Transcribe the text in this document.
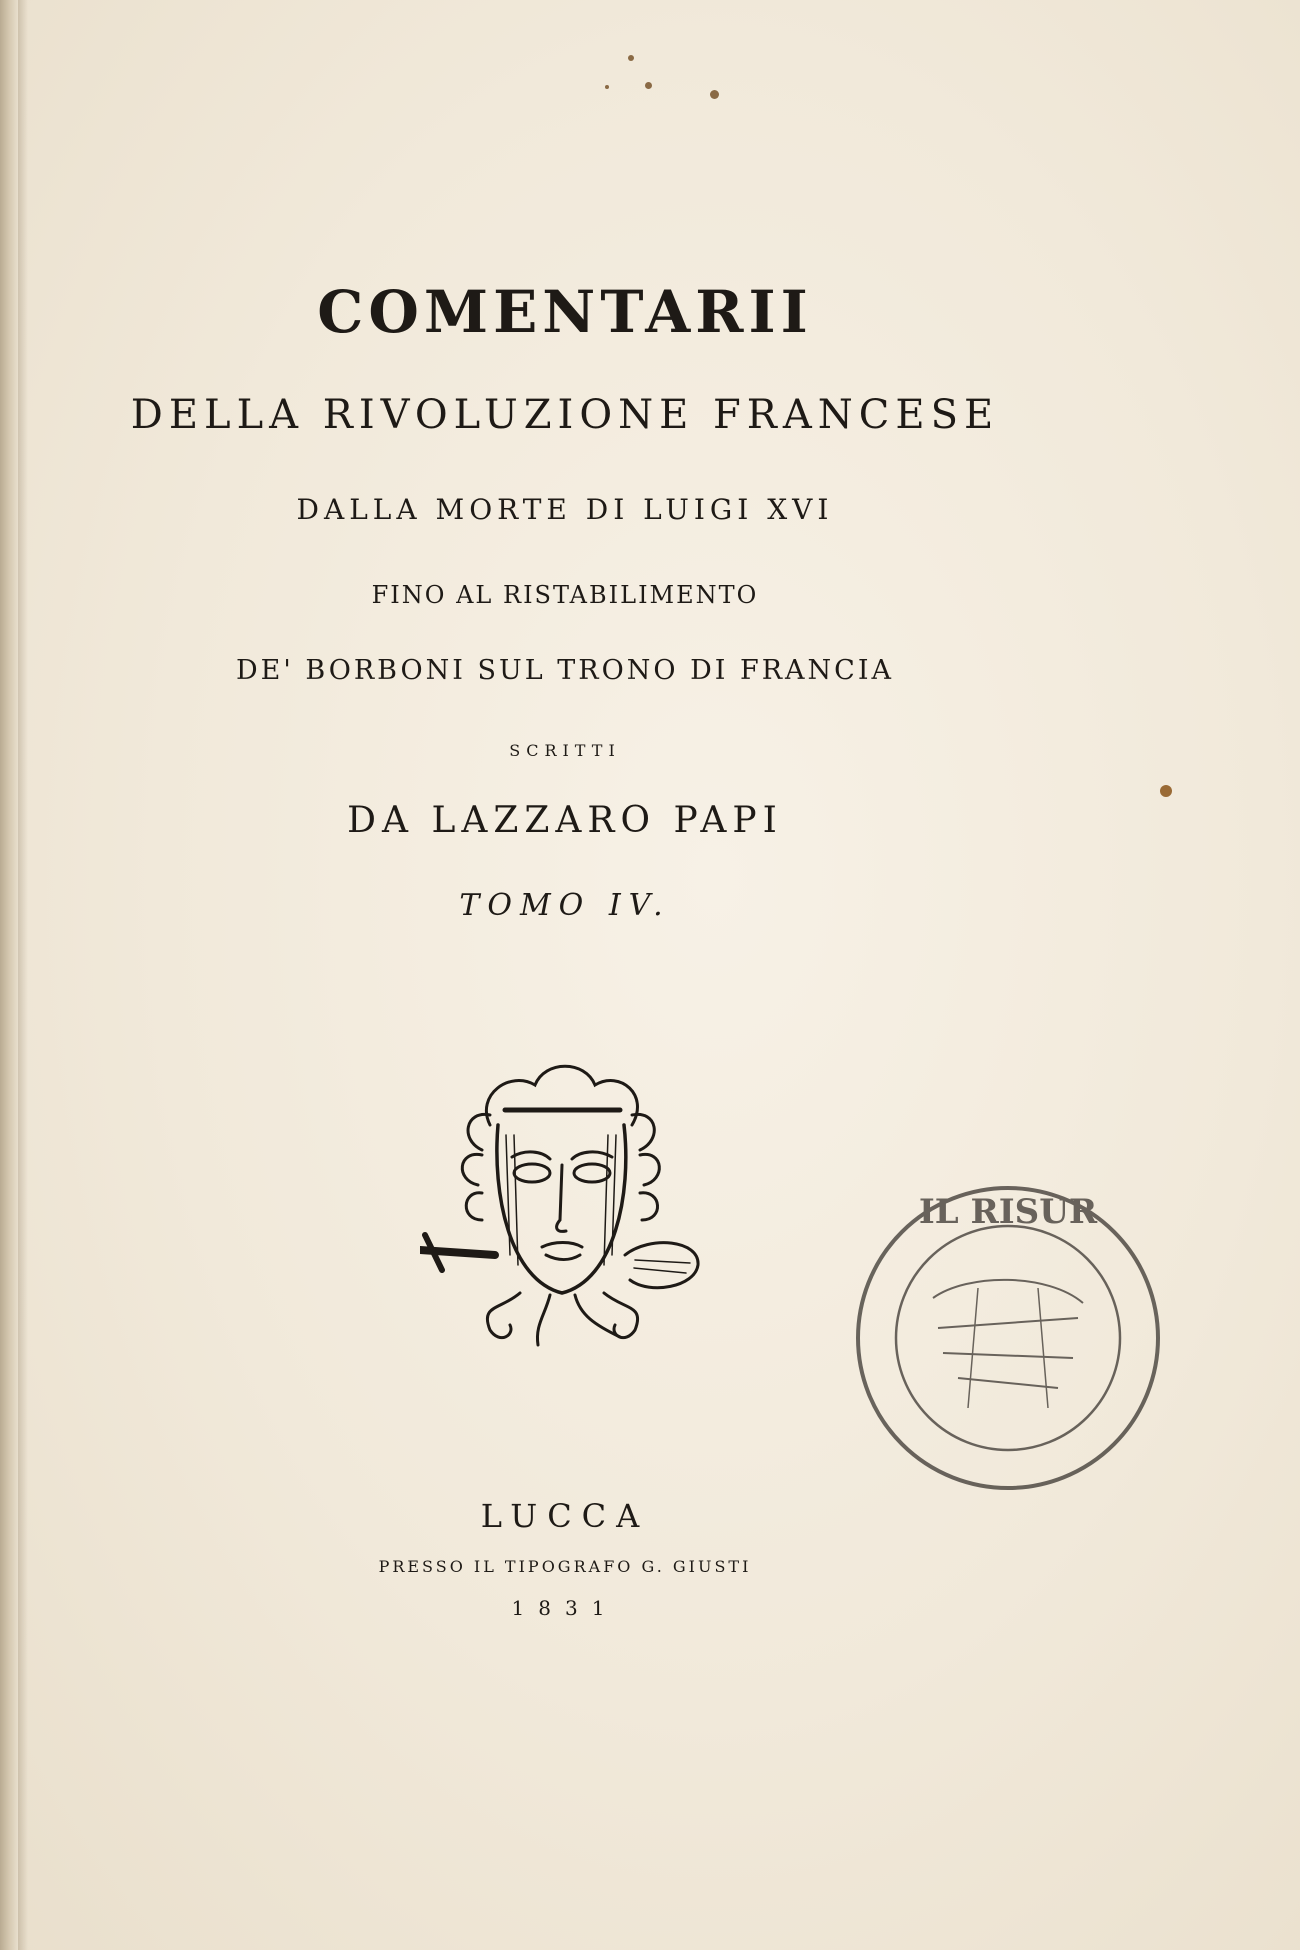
COMENTARII
DELLA RIVOLUZIONE FRANCESE
DALLA MORTE DI LUIGI XVI
FINO AL RISTABILIMENTO
DE' BORBONI SUL TRONO DI FRANCIA
SCRITTI
DA LAZZARO PAPI
TOMO IV.
IL RISUR
LUCCA
PRESSO IL TIPOGRAFO G. GIUSTI
1831
